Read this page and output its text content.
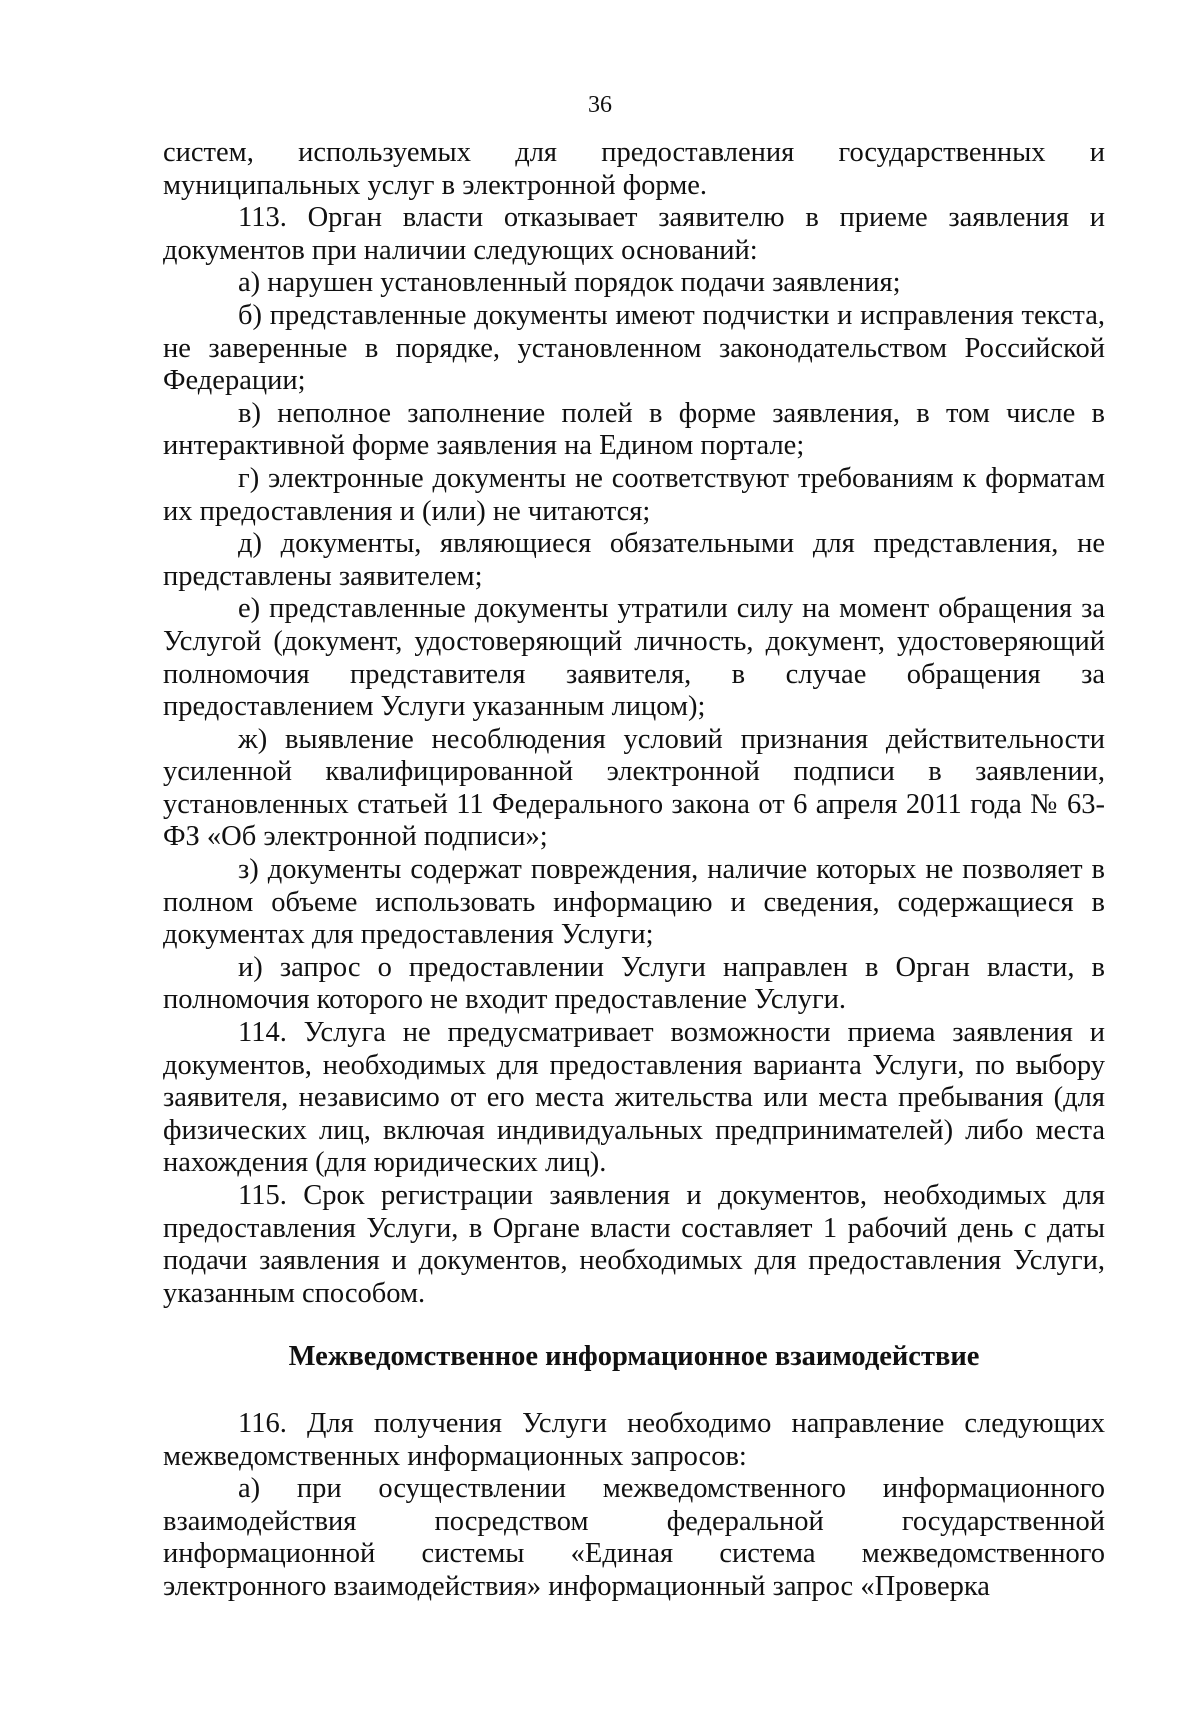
36

систем, используемых для предоставления государственных и муниципальных услуг в электронной форме.

113. Орган власти отказывает заявителю в приеме заявления и документов при наличии следующих оснований:

а) нарушен установленный порядок подачи заявления;

б) представленные документы имеют подчистки и исправления текста, не заверенные в порядке, установленном законодательством Российской Федерации;

в) неполное заполнение полей в форме заявления, в том числе в интерактивной форме заявления на Едином портале;

г) электронные документы не соответствуют требованиям к форматам их предоставления и (или) не читаются;

д) документы, являющиеся обязательными для представления, не представлены заявителем;

е) представленные документы утратили силу на момент обращения за Услугой (документ, удостоверяющий личность, документ, удостоверяющий полномочия представителя заявителя, в случае обращения за предоставлением Услуги указанным лицом);

ж) выявление несоблюдения условий признания действительности усиленной квалифицированной электронной подписи в заявлении, установленных статьей 11 Федерального закона от 6 апреля 2011 года № 63-ФЗ «Об электронной подписи»;

з) документы содержат повреждения, наличие которых не позволяет в полном объеме использовать информацию и сведения, содержащиеся в документах для предоставления Услуги;

и) запрос о предоставлении Услуги направлен в Орган власти, в полномочия которого не входит предоставление Услуги.

114. Услуга не предусматривает возможности приема заявления и документов, необходимых для предоставления варианта Услуги, по выбору заявителя, независимо от его места жительства или места пребывания (для физических лиц, включая индивидуальных предпринимателей) либо места нахождения (для юридических лиц).

115. Срок регистрации заявления и документов, необходимых для предоставления Услуги, в Органе власти составляет 1 рабочий день с даты подачи заявления и документов, необходимых для предоставления Услуги, указанным способом.

Межведомственное информационное взаимодействие

116. Для получения Услуги необходимо направление следующих межведомственных информационных запросов:

а) при осуществлении межведомственного информационного взаимодействия посредством федеральной государственной информационной системы «Единая система межведомственного электронного взаимодействия» информационный запрос «Проверка
